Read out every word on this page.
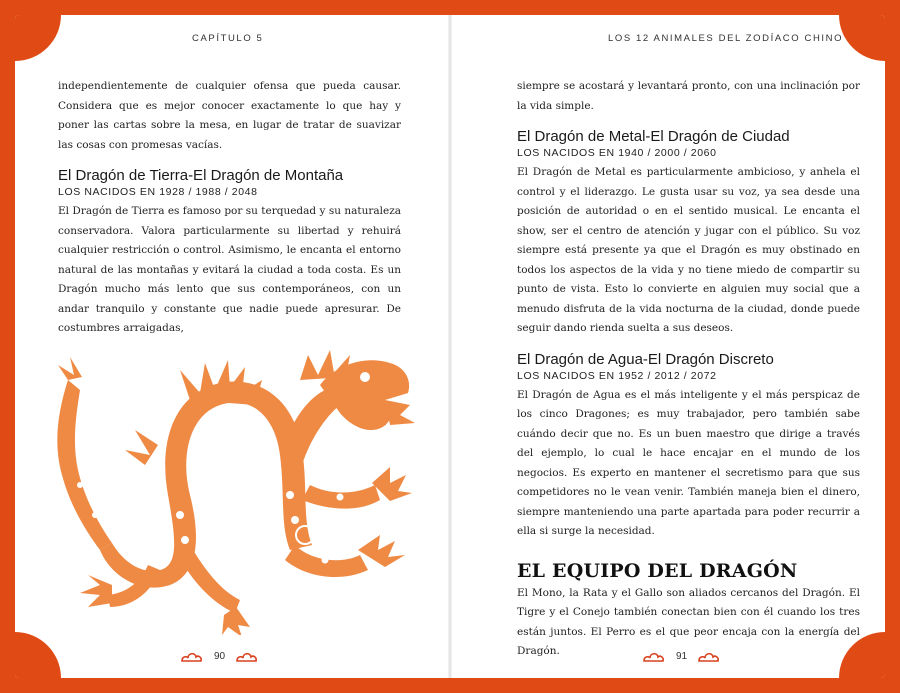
CAPÍTULO 5

independientemente de cualquier ofensa que pueda causar. Considera que es mejor conocer exactamente lo que hay y poner las cartas sobre la mesa, en lugar de tratar de suavizar las cosas con promesas vacías.

El Dragón de Tierra-El Dragón de Montaña
LOS NACIDOS EN 1928 / 1988 / 2048

El Dragón de Tierra es famoso por su terquedad y su naturaleza conservadora. Valora particularmente su libertad y rehuirá cualquier restricción o control. Asimismo, le encanta el entorno natural de las montañas y evitará la ciudad a toda costa. Es un Dragón mucho más lento que sus contemporáneos, con un andar tranquilo y constante que nadie puede apresurar. De costumbres arraigadas,

90
LOS 12 ANIMALES DEL ZODÍACO CHINO

siempre se acostará y levantará pronto, con una inclinación por la vida simple.

El Dragón de Metal-El Dragón de Ciudad
LOS NACIDOS EN 1940 / 2000 / 2060

El Dragón de Metal es particularmente ambicioso, y anhela el control y el liderazgo. Le gusta usar su voz, ya sea desde una posición de autoridad o en el sentido musical. Le encanta el show, ser el centro de atención y jugar con el público. Su voz siempre está presente ya que el Dragón es muy obstinado en todos los aspectos de la vida y no tiene miedo de compartir su punto de vista. Esto lo convierte en alguien muy social que a menudo disfruta de la vida nocturna de la ciudad, donde puede seguir dando rienda suelta a sus deseos.

El Dragón de Agua-El Dragón Discreto
LOS NACIDOS EN 1952 / 2012 / 2072

El Dragón de Agua es el más inteligente y el más perspicaz de los cinco Dragones; es muy trabajador, pero también sabe cuándo decir que no. Es un buen maestro que dirige a través del ejemplo, lo cual le hace encajar en el mundo de los negocios. Es experto en mantener el secretismo para que sus competidores no le vean venir. También maneja bien el dinero, siempre manteniendo una parte apartada para poder recurrir a ella si surge la necesidad.

EL EQUIPO DEL DRAGÓN

El Mono, la Rata y el Gallo son aliados cercanos del Dragón. El Tigre y el Conejo también conectan bien con él cuando los tres están juntos. El Perro es el que peor encaja con la energía del Dragón.	91
